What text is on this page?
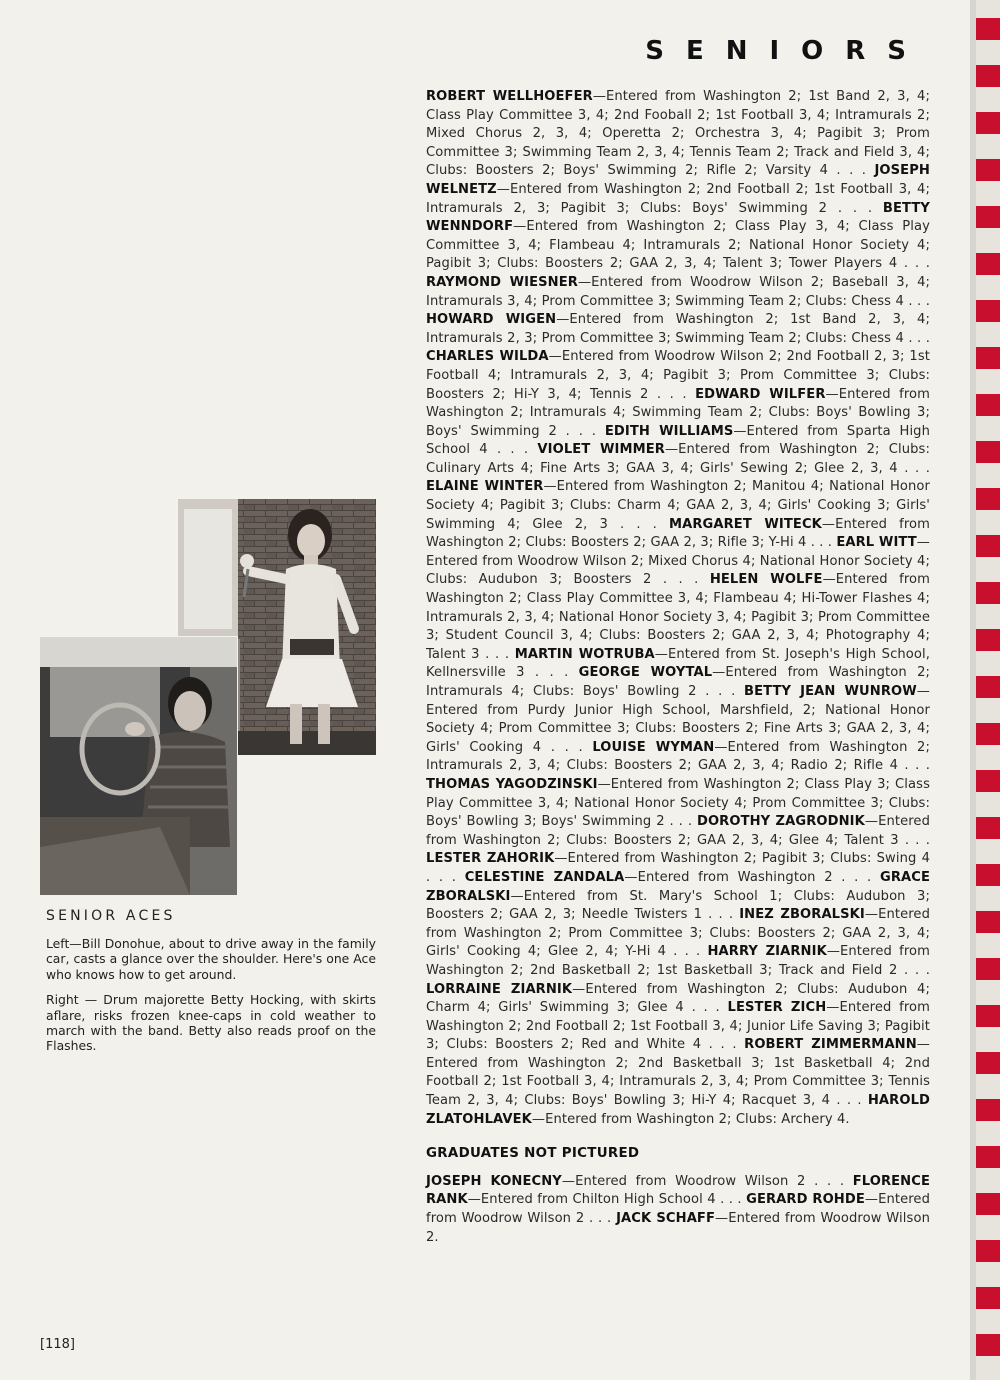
SENIORS

ROBERT WELLHOEFER—Entered from Washington 2; 1st Band 2, 3, 4; Class Play Committee 3, 4; 2nd Fooball 2; 1st Football 3, 4; Intramurals 2; Mixed Chorus 2, 3, 4; Operetta 2; Orchestra 3, 4; Pagibit 3; Prom Committee 3; Swimming Team 2, 3, 4; Tennis Team 2; Track and Field 3, 4; Clubs: Boosters 2; Boys' Swimming 2; Rifle 2; Varsity 4 . . . JOSEPH WELNETZ—Entered from Washington 2; 2nd Football 2; 1st Football 3, 4; Intramurals 2, 3; Pagibit 3; Clubs: Boys' Swimming 2 . . . BETTY WENNDORF—Entered from Washington 2; Class Play 3, 4; Class Play Committee 3, 4; Flambeau 4; Intramurals 2; National Honor Society 4; Pagibit 3; Clubs: Boosters 2; GAA 2, 3, 4; Talent 3; Tower Players 4 . . . RAYMOND WIESNER—Entered from Woodrow Wilson 2; Baseball 3, 4; Intramurals 3, 4; Prom Committee 3; Swimming Team 2; Clubs: Chess 4 . . . HOWARD WIGEN—Entered from Washington 2; 1st Band 2, 3, 4; Intramurals 2, 3; Prom Committee 3; Swimming Team 2; Clubs: Chess 4 . . . CHARLES WILDA—Entered from Woodrow Wilson 2; 2nd Football 2, 3; 1st Football 4; Intramurals 2, 3, 4; Pagibit 3; Prom Committee 3; Clubs: Boosters 2; Hi-Y 3, 4; Tennis 2 . . . EDWARD WILFER—Entered from Washington 2; Intramurals 4; Swimming Team 2; Clubs: Boys' Bowling 3; Boys' Swimming 2 . . . EDITH WILLIAMS—Entered from Sparta High School 4 . . . VIOLET WIMMER—Entered from Washington 2; Clubs: Culinary Arts 4; Fine Arts 3; GAA 3, 4; Girls' Sewing 2; Glee 2, 3, 4 . . . ELAINE WINTER—Entered from Washington 2; Manitou 4; National Honor Society 4; Pagibit 3; Clubs: Charm 4; GAA 2, 3, 4; Girls' Cooking 3; Girls' Swimming 4; Glee 2, 3 . . . MARGARET WITECK—Entered from Washington 2; Clubs: Boosters 2; GAA 2, 3; Rifle 3; Y-Hi 4 . . . EARL WITT—Entered from Woodrow Wilson 2; Mixed Chorus 4; National Honor Society 4; Clubs: Audubon 3; Boosters 2 . . . HELEN WOLFE—Entered from Washington 2; Class Play Committee 3, 4; Flambeau 4; Hi-Tower Flashes 4; Intramurals 2, 3, 4; National Honor Society 3, 4; Pagibit 3; Prom Committee 3; Student Council 3, 4; Clubs: Boosters 2; GAA 2, 3, 4; Photography 4; Talent 3 . . . MARTIN WOTRUBA—Entered from St. Joseph's High School, Kellnersville 3 . . . GEORGE WOYTAL—Entered from Washington 2; Intramurals 4; Clubs: Boys' Bowling 2 . . . BETTY JEAN WUNROW—Entered from Purdy Junior High School, Marshfield, 2; National Honor Society 4; Prom Committee 3; Clubs: Boosters 2; Fine Arts 3; GAA 2, 3, 4; Girls' Cooking 4 . . . LOUISE WYMAN—Entered from Washington 2; Intramurals 2, 3, 4; Clubs: Boosters 2; GAA 2, 3, 4; Radio 2; Rifle 4 . . . THOMAS YAGODZINSKI—Entered from Washington 2; Class Play 3; Class Play Committee 3, 4; National Honor Society 4; Prom Committee 3; Clubs: Boys' Bowling 3; Boys' Swimming 2 . . . DOROTHY ZAGRODNIK—Entered from Washington 2; Clubs: Boosters 2; GAA 2, 3, 4; Glee 4; Talent 3 . . . LESTER ZAHORIK—Entered from Washington 2; Pagibit 3; Clubs: Swing 4 . . . CELESTINE ZANDALA—Entered from Washington 2 . . . GRACE ZBORALSKI—Entered from St. Mary's School 1; Clubs: Audubon 3; Boosters 2; GAA 2, 3; Needle Twisters 1 . . . INEZ ZBORALSKI—Entered from Washington 2; Prom Committee 3; Clubs: Boosters 2; GAA 2, 3, 4; Girls' Cooking 4; Glee 2, 4; Y-Hi 4 . . . HARRY ZIARNIK—Entered from Washington 2; 2nd Basketball 2; 1st Basketball 3; Track and Field 2 . . . LORRAINE ZIARNIK—Entered from Washington 2; Clubs: Audubon 4; Charm 4; Girls' Swimming 3; Glee 4 . . . LESTER ZICH—Entered from Washington 2; 2nd Football 2; 1st Football 3, 4; Junior Life Saving 3; Pagibit 3; Clubs: Boosters 2; Red and White 4 . . . ROBERT ZIMMERMANN—Entered from Washington 2; 2nd Basketball 3; 1st Basketball 4; 2nd Football 2; 1st Football 3, 4; Intramurals 2, 3, 4; Prom Committee 3; Tennis Team 2, 3, 4; Clubs: Boys' Bowling 3; Hi-Y 4; Racquet 3, 4 . . . HAROLD ZLATOHLAVEK—Entered from Washington 2; Clubs: Archery 4.

GRADUATES NOT PICTURED

JOSEPH KONECNY—Entered from Woodrow Wilson 2 . . . FLORENCE RANK—Entered from Chilton High School 4 . . . GERARD ROHDE—Entered from Woodrow Wilson 2 . . . JACK SCHAFF—Entered from Woodrow Wilson 2.

SENIOR ACES

Left—Bill Donohue, about to drive away in the family car, casts a glance over the shoulder. Here's one Ace who knows how to get around.

Right — Drum majorette Betty Hocking, with skirts aflare, risks frozen knee-caps in cold weather to march with the band. Betty also reads proof on the Flashes.

[118]
